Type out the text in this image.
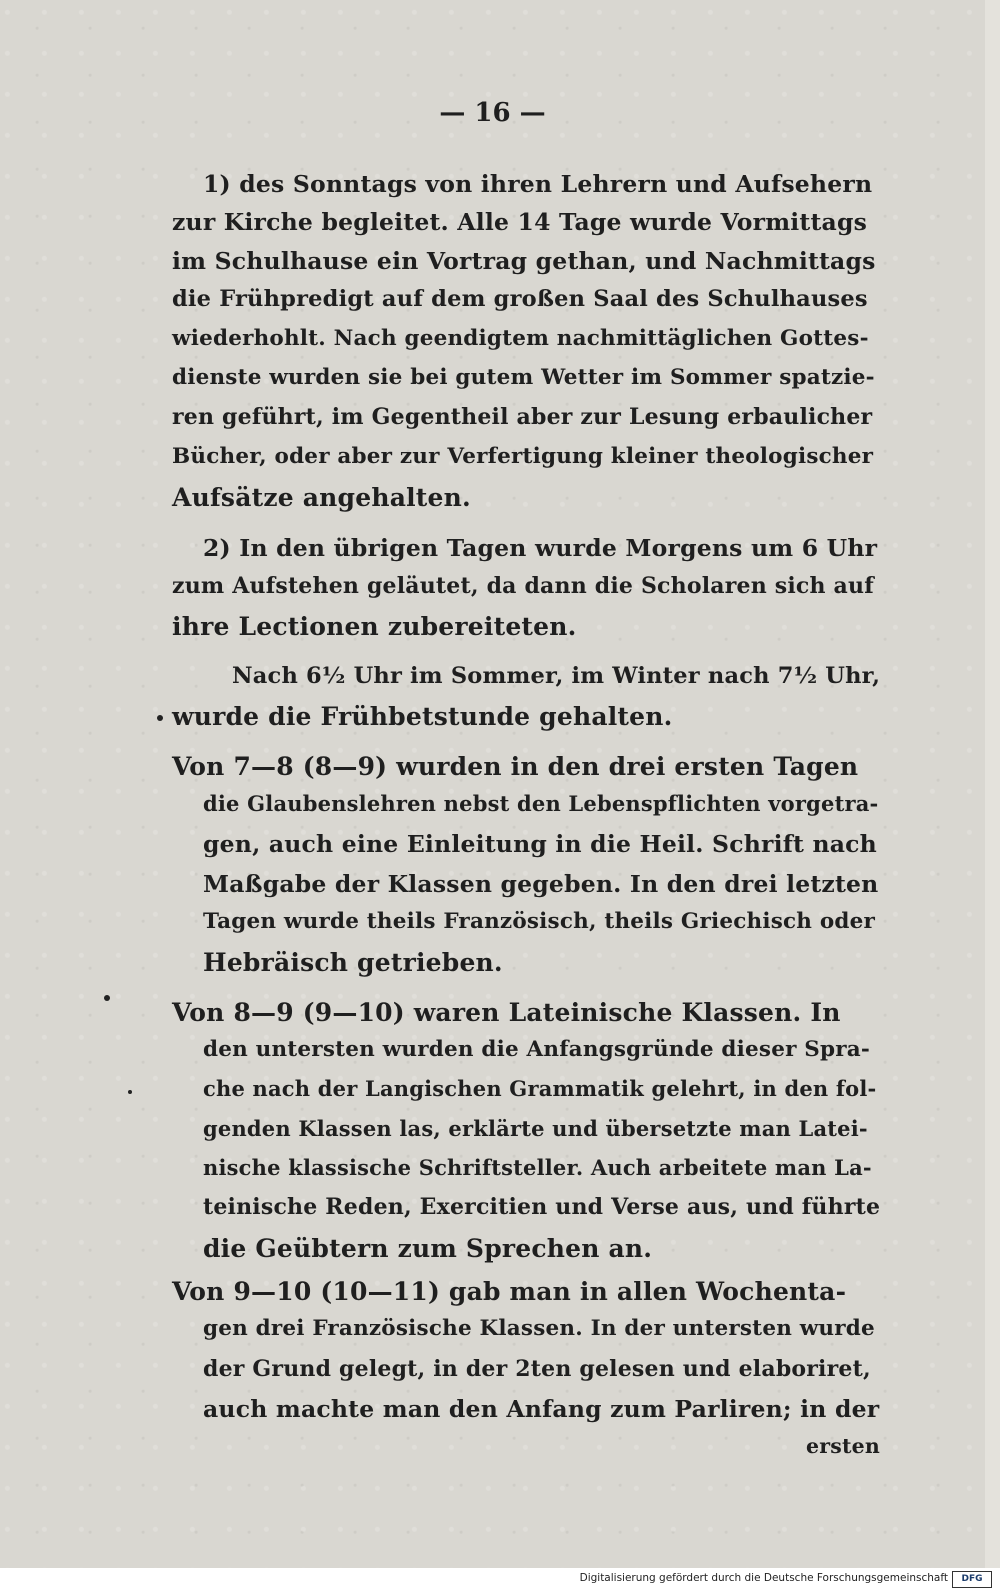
— 16 —
1) des Sonntags von ihren Lehrern und Aufsehern
zur Kirche begleitet. Alle 14 Tage wurde Vormittags
im Schulhause ein Vortrag gethan, und Nachmittags
die Frühpredigt auf dem großen Saal des Schulhauses
wiederhohlt. Nach geendigtem nachmittäglichen Gottes-
dienste wurden sie bei gutem Wetter im Sommer spatzie-
ren geführt, im Gegentheil aber zur Lesung erbaulicher
Bücher, oder aber zur Verfertigung kleiner theologischer
Aufsätze angehalten.
2) In den übrigen Tagen wurde Morgens um 6 Uhr
zum Aufstehen geläutet, da dann die Scholaren sich auf
ihre Lectionen zubereiteten.
Nach 6½ Uhr im Sommer, im Winter nach 7½ Uhr,
wurde die Frühbetstunde gehalten.
Von 7—8 (8—9) wurden in den drei ersten Tagen
die Glaubenslehren nebst den Lebenspflichten vorgetra-
gen, auch eine Einleitung in die Heil. Schrift nach
Maßgabe der Klassen gegeben. In den drei letzten
Tagen wurde theils Französisch, theils Griechisch oder
Hebräisch getrieben.
Von 8—9 (9—10) waren Lateinische Klassen. In
den untersten wurden die Anfangsgründe dieser Spra-
che nach der Langischen Grammatik gelehrt, in den fol-
genden Klassen las, erklärte und übersetzte man Latei-
nische klassische Schriftsteller. Auch arbeitete man La-
teinische Reden, Exercitien und Verse aus, und führte
die Geübtern zum Sprechen an.
Von 9—10 (10—11) gab man in allen Wochenta-
gen drei Französische Klassen. In der untersten wurde
der Grund gelegt, in der 2ten gelesen und elaboriret,
auch machte man den Anfang zum Parliren; in der
ersten
Digitalisierung gefördert durch die Deutsche Forschungsgemeinschaft	DFG
